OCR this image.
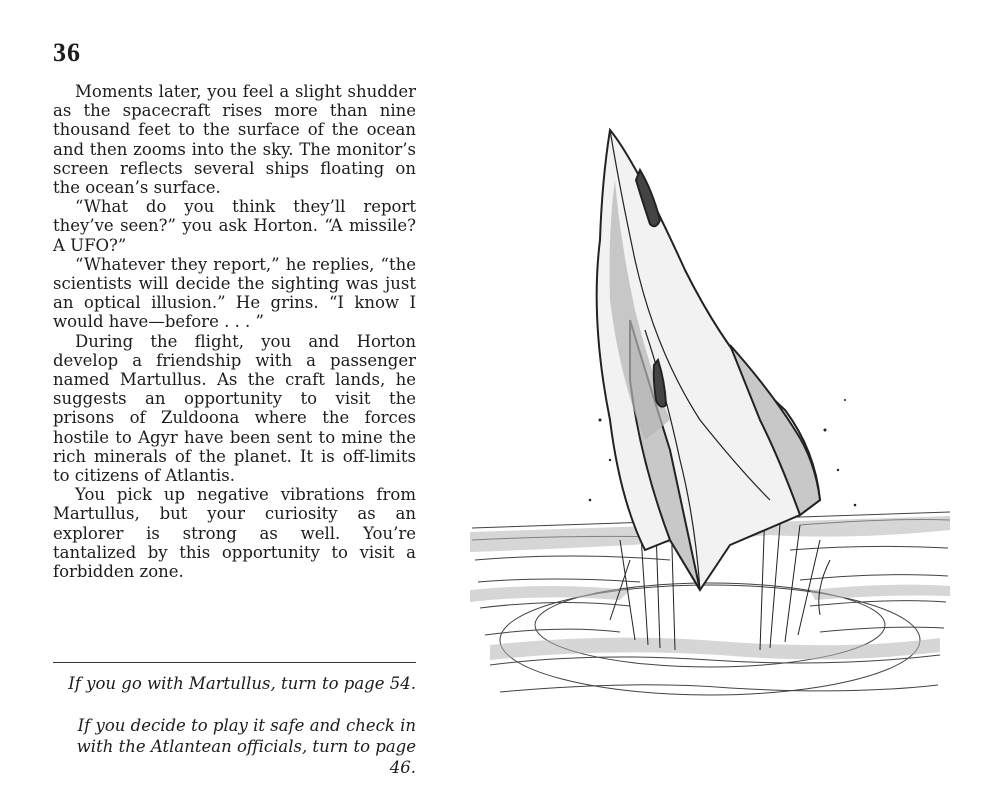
36

Moments later, you feel a slight shudder as the spacecraft rises more than nine thousand feet to the surface of the ocean and then zooms into the sky. The monitor’s screen reflects several ships floating on the ocean’s surface.

“What do you think they’ll report they’ve seen?” you ask Horton. “A missile? A UFO?”

“Whatever they report,” he replies, “the scientists will decide the sighting was just an optical illusion.” He grins. “I know I would have—before . . . ”

During the flight, you and Horton develop a friendship with a passenger named Martullus. As the craft lands, he suggests an opportunity to visit the prisons of Zuldoona where the forces hostile to Agyr have been sent to mine the rich minerals of the planet. It is off-limits to citizens of Atlantis.

You pick up negative vibrations from Martullus, but your curiosity as an explorer is strong as well. You’re tantalized by this opportunity to visit a forbidden zone.

If you go with Martullus, turn to page 54.

If you decide to play it safe and check in with the Atlantean officials, turn to page 46.
